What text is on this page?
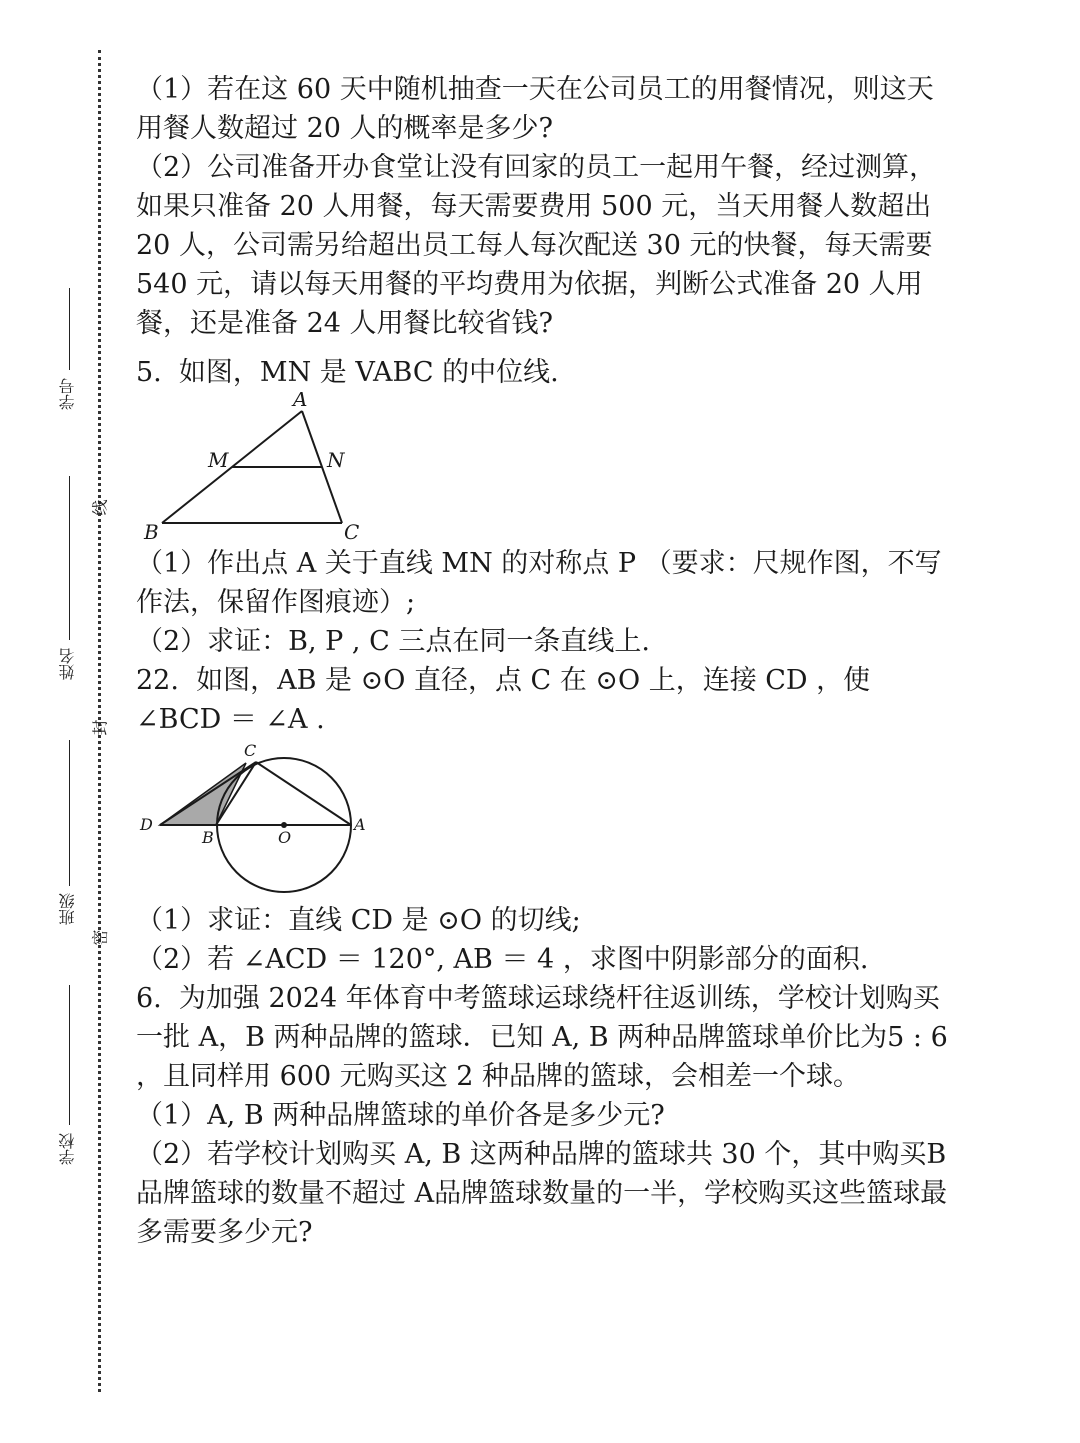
学号
姓名
班级
学校
线
封
密

（1）若在这 60 天中随机抽查一天在公司员工的用餐情况，则这天用餐人数超过 20 人的概率是多少?

（2）公司准备开办食堂让没有回家的员工一起用午餐，经过测算，如果只准备 20 人用餐，每天需要费用 500 元，当天用餐人数超出 20 人，公司需另给超出员工每人每次配送 30 元的快餐，每天需要 540 元，请以每天用餐的平均费用为依据，判断公式准备 20 人用餐，还是准备 24 人用餐比较省钱?

5.  如图，MN 是 VABC 的中位线.

A
B	C
M	N

（1）作出点 A 关于直线 MN 的对称点 P （要求：尺规作图，不写作法，保留作图痕迹）;

（2）求证：B, P , C 三点在同一条直线上.

22.  如图，AB 是 ⊙O 直径，点 C 在 ⊙O 上，连接 CD ，使 ∠BCD ＝ ∠A .

C
D
B	O
A

（1）求证：直线 CD 是 ⊙O 的切线;

（2）若 ∠ACD ＝ 120°, AB ＝ 4 ，求图中阴影部分的面积.

6.  为加强 2024 年体育中考篮球运球绕杆往返训练，学校计划购买一批 A，B 两种品牌的篮球．已知 A, B 两种品牌篮球单价比为5 : 6 ，且同样用 600 元购买这 2 种品牌的篮球，会相差一个球。

（1）A, B 两种品牌篮球的单价各是多少元?

（2）若学校计划购买 A, B 这两种品牌的篮球共 30 个，其中购买B 品牌篮球的数量不超过 A品牌篮球数量的一半，学校购买这些篮球最多需要多少元?
